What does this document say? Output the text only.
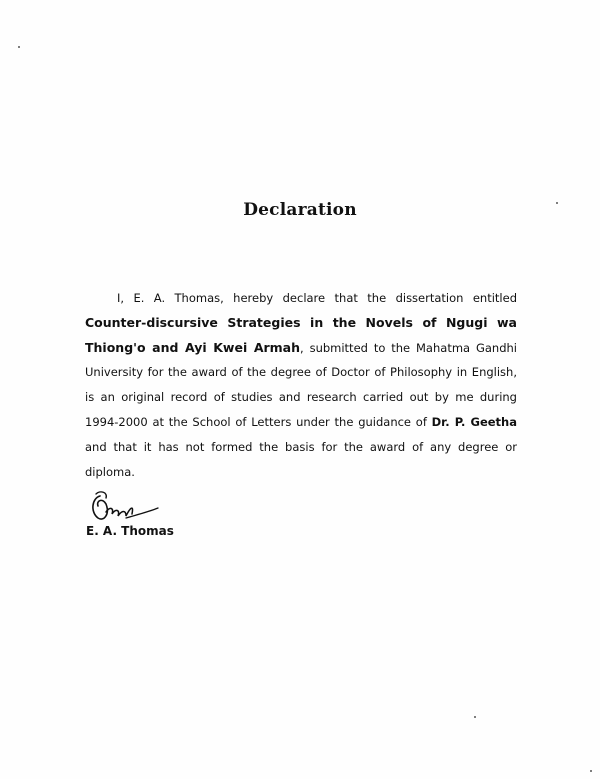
Declaration
I, E. A. Thomas, hereby declare that the dissertation entitled Counter-discursive Strategies in the Novels of Ngugi wa Thiong'o and Ayi Kwei Armah, submitted to the Mahatma Gandhi University for the award of the degree of Doctor of Philosophy in English, is an original record of studies and research carried out by me during 1994-2000 at the School of Letters under the guidance of Dr. P. Geetha and that it has not formed the basis for the award of any degree or diploma.
E. A. Thomas
